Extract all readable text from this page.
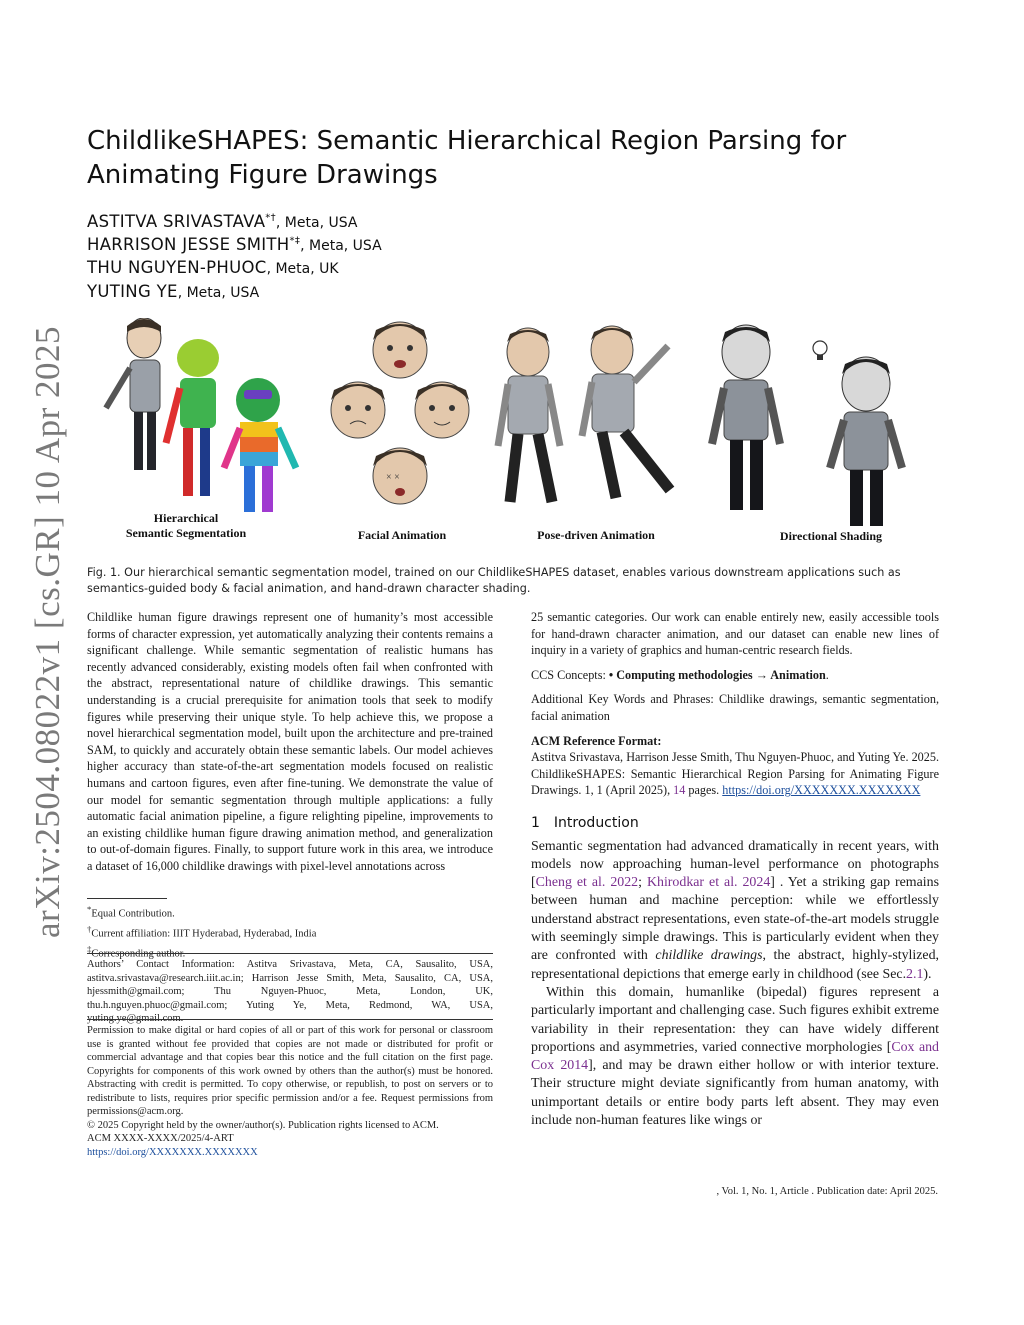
arXiv:2504.08022v1 [cs.GR] 10 Apr 2025
ChildlikeSHAPES: Semantic Hierarchical Region Parsing for Animating Figure Drawings
ASTITVA SRIVASTAVA*†, Meta, USA
HARRISON JESSE SMITH*‡, Meta, USA
THU NGUYEN-PHUOC, Meta, UK
YUTING YE, Meta, USA
Hierarchical
Semantic Segmentation
× ×
Facial Animation	Pose-driven Animation	Directional Shading
Fig. 1. Our hierarchical semantic segmentation model, trained on our ChildlikeSHAPES dataset, enables various downstream applications such as semantics-guided body & facial animation, and hand-drawn character shading.

Childlike human figure drawings represent one of humanity’s most accessible forms of character expression, yet automatically analyzing their contents remains a significant challenge. While semantic segmentation of realistic humans has recently advanced considerably, existing models often fail when confronted with the abstract, representational nature of childlike drawings. This semantic understanding is a crucial prerequisite for animation tools that seek to modify figures while preserving their unique style. To help achieve this, we propose a novel hierarchical segmentation model, built upon the architecture and pre-trained SAM, to quickly and accurately obtain these semantic labels. Our model achieves higher accuracy than state-of-the-art segmentation models focused on realistic humans and cartoon figures, even after fine-tuning. We demonstrate the value of our model for semantic segmentation through multiple applications: a fully automatic facial animation pipeline, a figure relighting pipeline, improvements to an existing childlike human figure drawing animation method, and generalization to out-of-domain figures. Finally, to support future work in this area, we introduce a dataset of 16,000 childlike drawings with pixel-level annotations across

25 semantic categories. Our work can enable entirely new, easily accessible tools for hand-drawn character animation, and our dataset can enable new lines of inquiry in a variety of graphics and human-centric research fields.

CCS Concepts: • Computing methodologies → Animation.

Additional Key Words and Phrases: Childlike drawings, semantic segmentation, facial animation

ACM Reference Format:

Astitva Srivastava, Harrison Jesse Smith, Thu Nguyen-Phuoc, and Yuting Ye. 2025. ChildlikeSHAPES: Semantic Hierarchical Region Parsing for Animating Figure Drawings. 1, 1 (April 2025), 14 pages. https://doi.org/XXXXXXX.XXXXXXX

1 Introduction

Semantic segmentation had advanced dramatically in recent years, with models now approaching human-level performance on photographs [Cheng et al. 2022; Khirodkar et al. 2024] . Yet a striking gap remains between human and machine perception: while we effortlessly understand abstract representations, even state-of-the-art models struggle with seemingly simple drawings. This is particularly evident when they are confronted with childlike drawings, the abstract, highly-stylized, representational depictions that emerge early in childhood (see Sec.2.1).

Within this domain, humanlike (bipedal) figures represent a particularly important and challenging case. Such figures exhibit extreme variability in their representation: they can have widely different proportions and asymmetries, varied connective morphologies [Cox and Cox 2014], and may be drawn either hollow or with interior texture. Their structure might deviate significantly from human anatomy, with unimportant details or entire body parts left absent. They may even include non-human features like wings or

*Equal Contribution.
†Current affiliation: IIIT Hyderabad, Hyderabad, India
‡Corresponding author.
Authors’ Contact Information: Astitva Srivastava, Meta, CA, Sausalito, USA, astitva.srivastava@research.iiit.ac.in; Harrison Jesse Smith, Meta, Sausalito, CA, USA, hjessmith@gmail.com; Thu Nguyen-Phuoc, Meta, London, UK, thu.h.nguyen.phuoc@gmail.com; Yuting Ye, Meta, Redmond, WA, USA, yuting.ye@gmail.com.
Permission to make digital or hard copies of all or part of this work for personal or classroom use is granted without fee provided that copies are not made or distributed for profit or commercial advantage and that copies bear this notice and the full citation on the first page. Copyrights for components of this work owned by others than the author(s) must be honored. Abstracting with credit is permitted. To copy otherwise, or republish, to post on servers or to redistribute to lists, requires prior specific permission and/or a fee. Request permissions from permissions@acm.org.
© 2025 Copyright held by the owner/author(s). Publication rights licensed to ACM.
ACM XXXX-XXXX/2025/4-ART
https://doi.org/XXXXXXX.XXXXXXX
, Vol. 1, No. 1, Article . Publication date: April 2025.
